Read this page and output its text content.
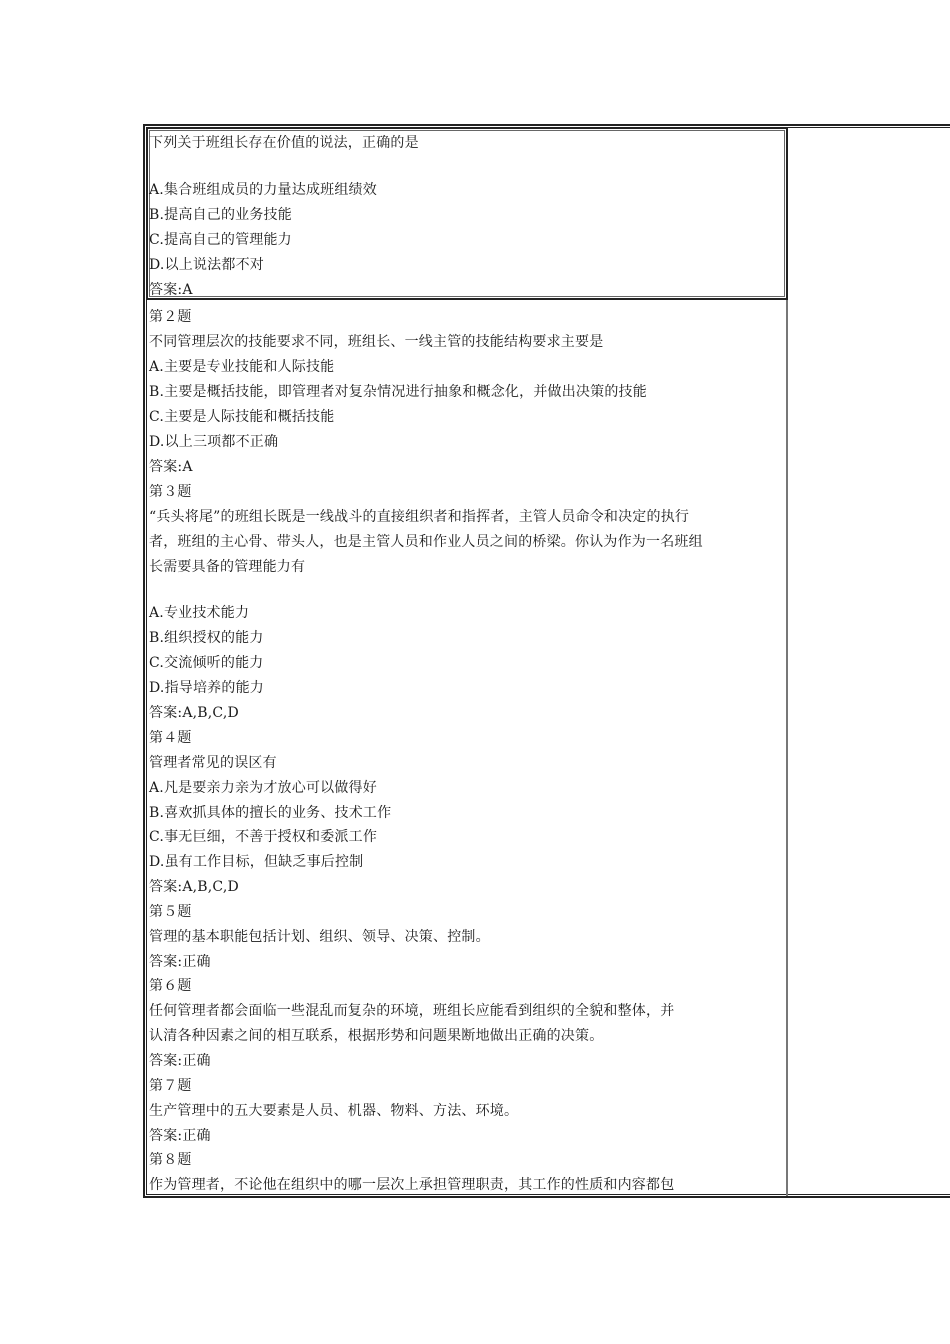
下列关于班组长存在价值的说法，正确的是
A.集合班组成员的力量达成班组绩效
B.提高自己的业务技能
C.提高自己的管理能力
D.以上说法都不对
答案:A
第２题
不同管理层次的技能要求不同，班组长、一线主管的技能结构要求主要是
A.主要是专业技能和人际技能
B.主要是概括技能，即管理者对复杂情况进行抽象和概念化，并做出决策的技能
C.主要是人际技能和概括技能
D.以上三项都不正确
答案:A
第３题
“兵头将尾”的班组长既是一线战斗的直接组织者和指挥者，主管人员命令和决定的执行
者，班组的主心骨、带头人，也是主管人员和作业人员之间的桥梁。你认为作为一名班组
长需要具备的管理能力有
A.专业技术能力
B.组织授权的能力
C.交流倾听的能力
D.指导培养的能力
答案:A,B,C,D
第４题
管理者常见的误区有
A.凡是要亲力亲为才放心可以做得好
B.喜欢抓具体的擅长的业务、技术工作
C.事无巨细，不善于授权和委派工作
D.虽有工作目标，但缺乏事后控制
答案:A,B,C,D
第５题
管理的基本职能包括计划、组织、领导、决策、控制。
答案:正确
第６题
任何管理者都会面临一些混乱而复杂的环境，班组长应能看到组织的全貌和整体，并
认清各种因素之间的相互联系，根据形势和问题果断地做出正确的决策。
答案:正确
第７题
生产管理中的五大要素是人员、机器、物料、方法、环境。
答案:正确
第８题
作为管理者，不论他在组织中的哪一层次上承担管理职责，其工作的性质和内容都包
